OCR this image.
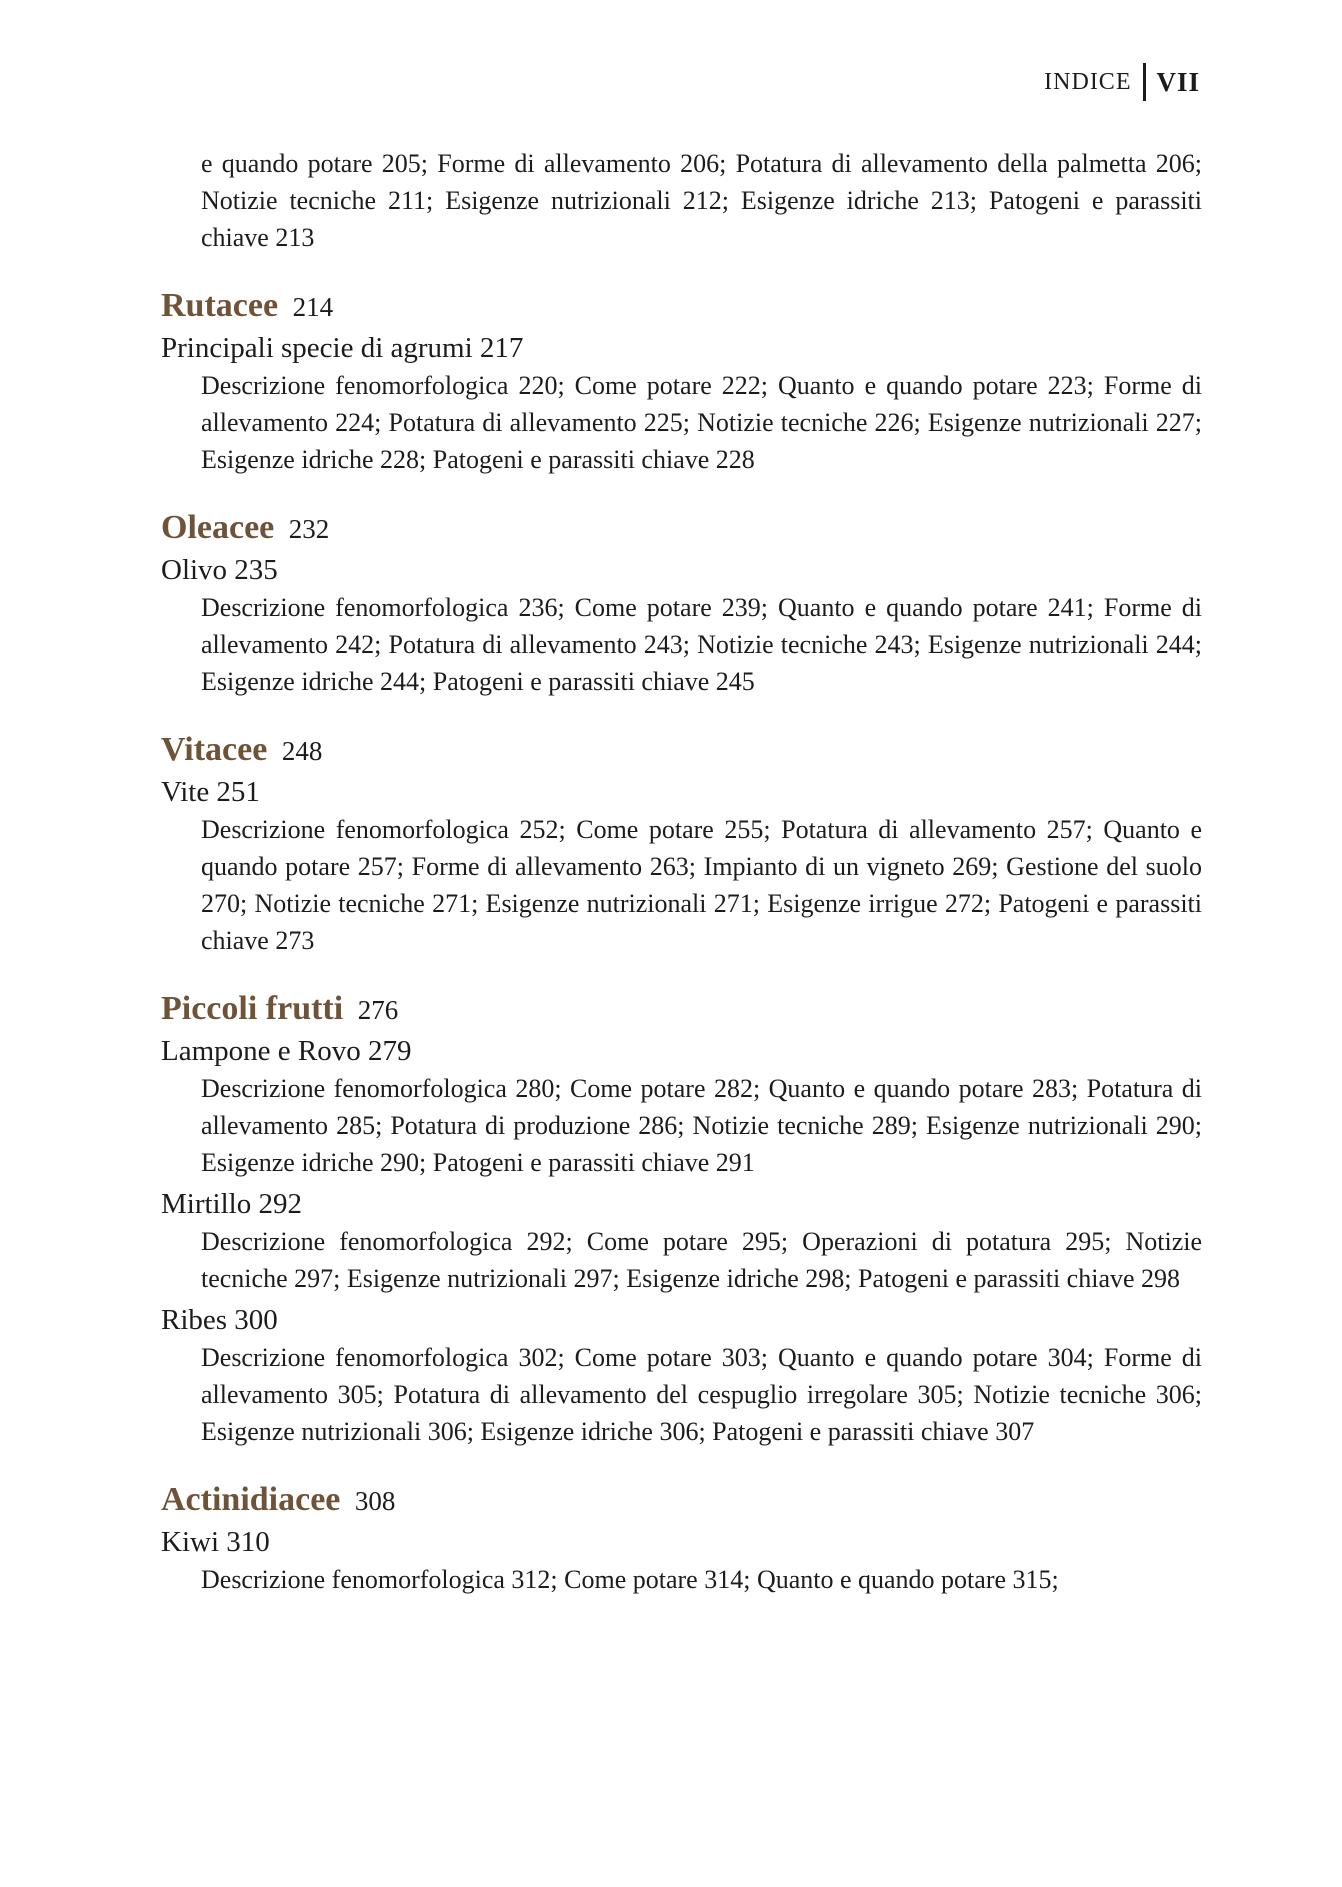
INDICE VII

e quando potare 205; Forme di allevamento 206; Potatura di allevamento della palmetta 206; Notizie tecniche 211; Esigenze nutrizionali 212; Esigenze idriche 213; Patogeni e parassiti chiave 213

Rutacee 214
Principali specie di agrumi 217

Descrizione fenomorfologica 220; Come potare 222; Quanto e quando potare 223; Forme di allevamento 224; Potatura di allevamento 225; Notizie tecniche 226; Esigenze nutrizionali 227; Esigenze idriche 228; Patogeni e parassiti chiave 228

Oleacee 232
Olivo 235

Descrizione fenomorfologica 236; Come potare 239; Quanto e quando potare 241; Forme di allevamento 242; Potatura di allevamento 243; Notizie tecniche 243; Esigenze nutrizionali 244; Esigenze idriche 244; Patogeni e parassiti chiave 245

Vitacee 248
Vite 251

Descrizione fenomorfologica 252; Come potare 255; Potatura di allevamento 257; Quanto e quando potare 257; Forme di allevamento 263; Impianto di un vigneto 269; Gestione del suolo 270; Notizie tecniche 271; Esigenze nutrizionali 271; Esigenze irrigue 272; Patogeni e parassiti chiave 273

Piccoli frutti 276
Lampone e Rovo 279

Descrizione fenomorfologica 280; Come potare 282; Quanto e quando potare 283; Potatura di allevamento 285; Potatura di produzione 286; Notizie tecniche 289; Esigenze nutrizionali 290; Esigenze idriche 290; Patogeni e parassiti chiave 291

Mirtillo 292

Descrizione fenomorfologica 292; Come potare 295; Operazioni di potatura 295; Notizie tecniche 297; Esigenze nutrizionali 297; Esigenze idriche 298; Patogeni e parassiti chiave 298

Ribes 300

Descrizione fenomorfologica 302; Come potare 303; Quanto e quando potare 304; Forme di allevamento 305; Potatura di allevamento del cespuglio irregolare 305; Notizie tecniche 306; Esigenze nutrizionali 306; Esigenze idriche 306; Patogeni e parassiti chiave 307

Actinidiacee 308
Kiwi 310

Descrizione fenomorfologica 312; Come potare 314; Quanto e quando potare 315;
